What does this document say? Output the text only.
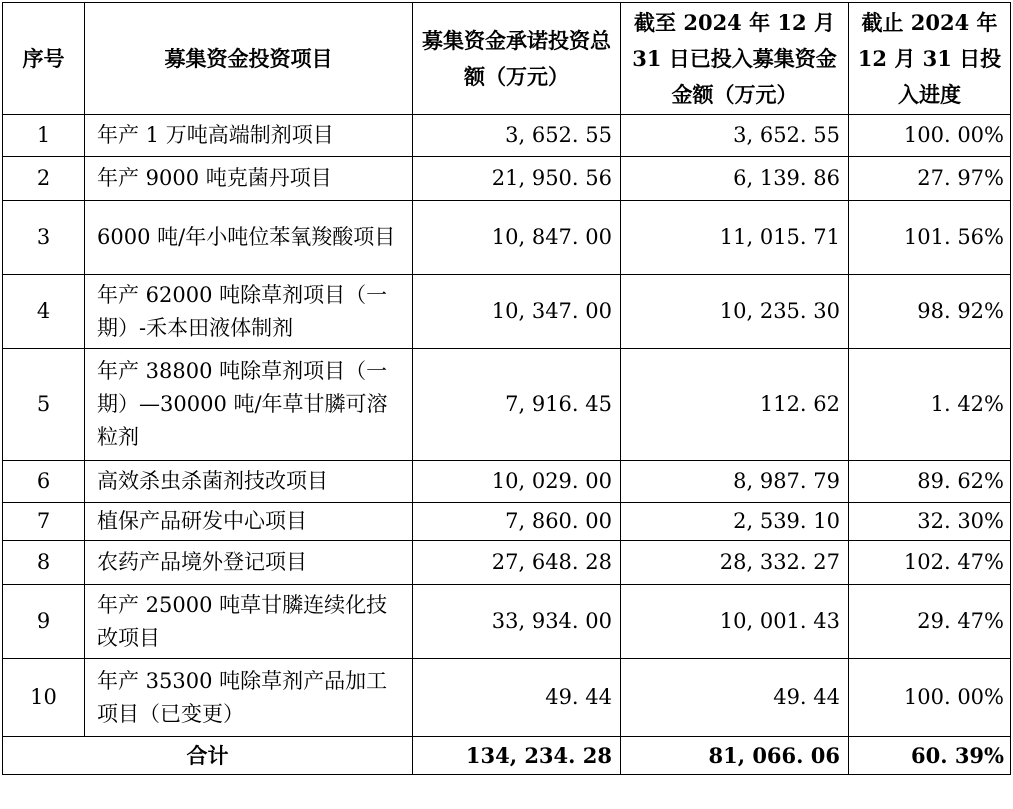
序号	募集资金投资项目	募集资金承诺投资总额（万元）	截至 2024 年 12 月 31 日已投入募集资金金额（万元）	截止 2024 年 12 月 31 日投入进度
1	年产 1 万吨高端制剂项目	3, 652. 55	3, 652. 55	100. 00%
2	年产 9000 吨克菌丹项目	21, 950. 56	6, 139. 86	27. 97%
3	6000 吨/年小吨位苯氧羧酸项目	10, 847. 00	11, 015. 71	101. 56%
4	年产 62000 吨除草剂项目（一期）-禾本田液体制剂	10, 347. 00	10, 235. 30	98. 92%
5	年产 38800 吨除草剂项目（一期）—30000 吨/年草甘膦可溶粒剂	7, 916. 45	112. 62	1. 42%
6	高效杀虫杀菌剂技改项目	10, 029. 00	8, 987. 79	89. 62%
7	植保产品研发中心项目	7, 860. 00	2, 539. 10	32. 30%
8	农药产品境外登记项目	27, 648. 28	28, 332. 27	102. 47%
9	年产 25000 吨草甘膦连续化技改项目	33, 934. 00	10, 001. 43	29. 47%
10	年产 35300 吨除草剂产品加工项目（已变更）	49. 44	49. 44	100. 00%
合计		134, 234. 28	81, 066. 06	60. 39%
